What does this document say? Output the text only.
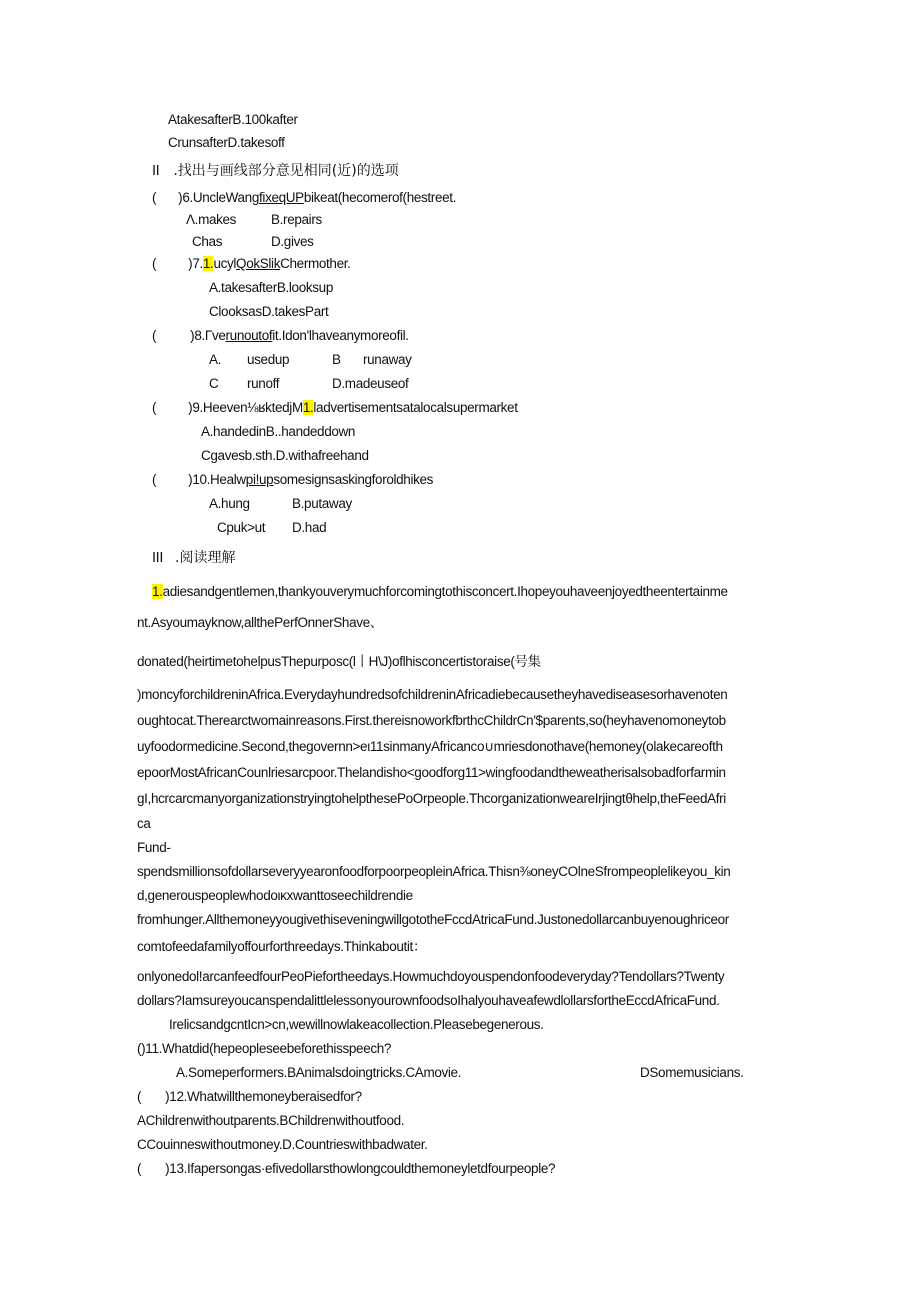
AtakesafterB.100kafter
CrunsafterD.takesoff
II .找出与画线部分意见相同(近)的选项
( )6.UncleWangfixeqUPbikeat(hecomerof(hestreet.
Λ.makes	B.repairs
Chas	D.gives
( )7.1.ucylQokSlikChermother.
A.takesafterB.looksup
ClooksasD.takesPart
(	)8.Γverunoutofit.Idon'lhaveanymoreofil.
A. usedup	B runaway
C runoff	D.madeuseof
( )9.Heeven⅛ʁktedjM1.ladvertisementsatalocalsupermarket
A.handedinB..handeddown
Cgavesb.sth.D.withafreehand
( )10.Healwpi!upsomesignsaskingforoldhikes
A.hung	B.putaway
Cpuk>ut D.had
III .阅读理解
1.adiesandgentlemen,thankyouverymuchforcomingtothisconcert.Ihopeyouhaveenjoyedtheentertainme
nt.Asyoumayknow,allthePerfOnnerShave、
donated(heirtimetohelpusThepurposc(l丨H\J)oflhisconcertistoraise(号集
)moncyforchildreninAfrica.EverydayhundredsofchildreninAfricadiebecausetheyhavediseasesorhavenoten
oughtocat.Therearctwomainreasons.First.thereisnoworkfbrthcChildrCn'$parents,so(heyhavenomoneytob
uyfoodormedicine.Second,thegovernn>eι11sinmanyAfricanco∪mriesdonothave(hemoney(olakecareofth
epoorMostAfricanCounlriesarcpoor.Thelandisho<goodforg11>wingfoodandtheweatherisalsobadforfarmin
gI,hcrcarcmanyorganizationstryingtohelpthesePoOrpeople.ThcorganizationweareIrjingtθhelp,theFeedAfri
ca
Fund-
spendsmillionsofdollarseveryyearonfoodforpoorpeopleinAfrica.Thisn⅜oneyCOlneSfrompeoplelikeyou_kin
d,generouspeoplewhodoικxwanttoseechildrendie
fromhunger.AllthemoneyyougivethiseveningwillgototheFccdAtricaFund.Justonedollarcanbuyenoughriceor
comtofeedafamilyoffourforthreedays.Thinkaboutit：
onlyonedol!arcanfeedfourPeoPiefortheedays.Howmuchdoyouspendonfoodeveryday?Tendollars?Twenty
dollars?IamsureyoucanspendalittlelessonyourownfoodsoIhalyouhaveafewdlollarsfortheEccdAfricaFund.
IrelicsandgcntIcn>cn,wewillnowlakeacollection.Pleasebegenerous.
()11.Whatdid(hepeopleseebeforethisspeech?
A.Someperformers.BAnimalsdoingtricks.CAmovie.	DSomemusicians.
( )12.Whatwillthemoneyberaisedfor?
AChildrenwithoutparents.BChildrenwithoutfood.
CCouinneswithoutmoney.D.Countrieswithbadwater.
( )13.Ifapersongas·efivedollarsthowlongcouldthemoneyletdfourpeople?
